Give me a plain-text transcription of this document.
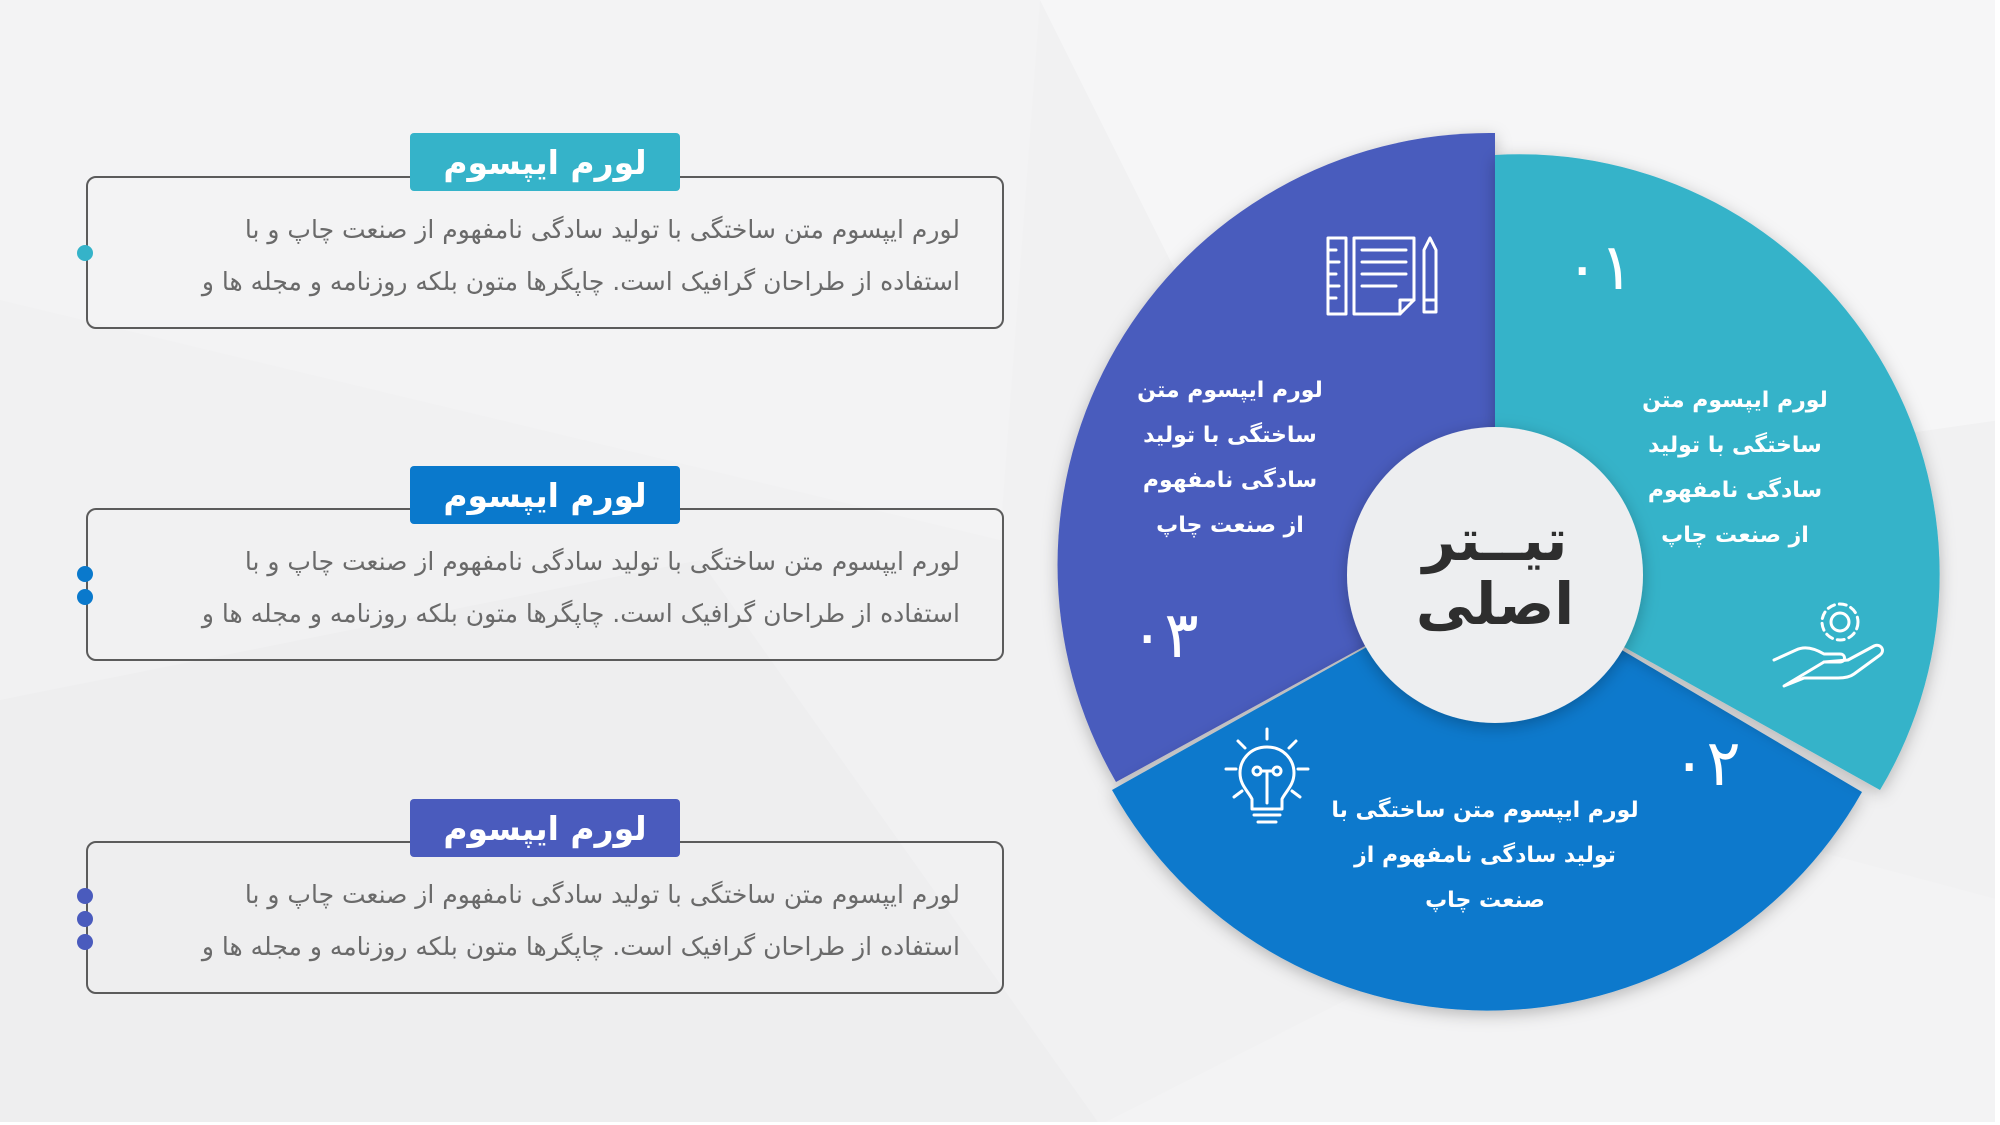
لورم ایپسوم متن ساختگی با تولید سادگی نامفهوم از صنعت چاپ و با
استفاده از طراحان گرافیک است. چاپگرها متون بلکه روزنامه و مجله ها و

لورم ایپسوم

لورم ایپسوم متن ساختگی با تولید سادگی نامفهوم از صنعت چاپ و با
استفاده از طراحان گرافیک است. چاپگرها متون بلکه روزنامه و مجله ها و

لورم ایپسوم

لورم ایپسوم متن ساختگی با تولید سادگی نامفهوم از صنعت چاپ و با
استفاده از طراحان گرافیک است. چاپگرها متون بلکه روزنامه و مجله ها و

لورم ایپسوم

تیــتر
اصلی

۰۱

لورم ایپسوم متن
ساختگی با تولید
سادگی نامفهوم
از صنعت چاپ

۰۲

لورم ایپسوم متن ساختگی با
تولید سادگی نامفهوم از
صنعت چاپ

۰۳

لورم ایپسوم متن
ساختگی با تولید
سادگی نامفهوم
از صنعت چاپ
